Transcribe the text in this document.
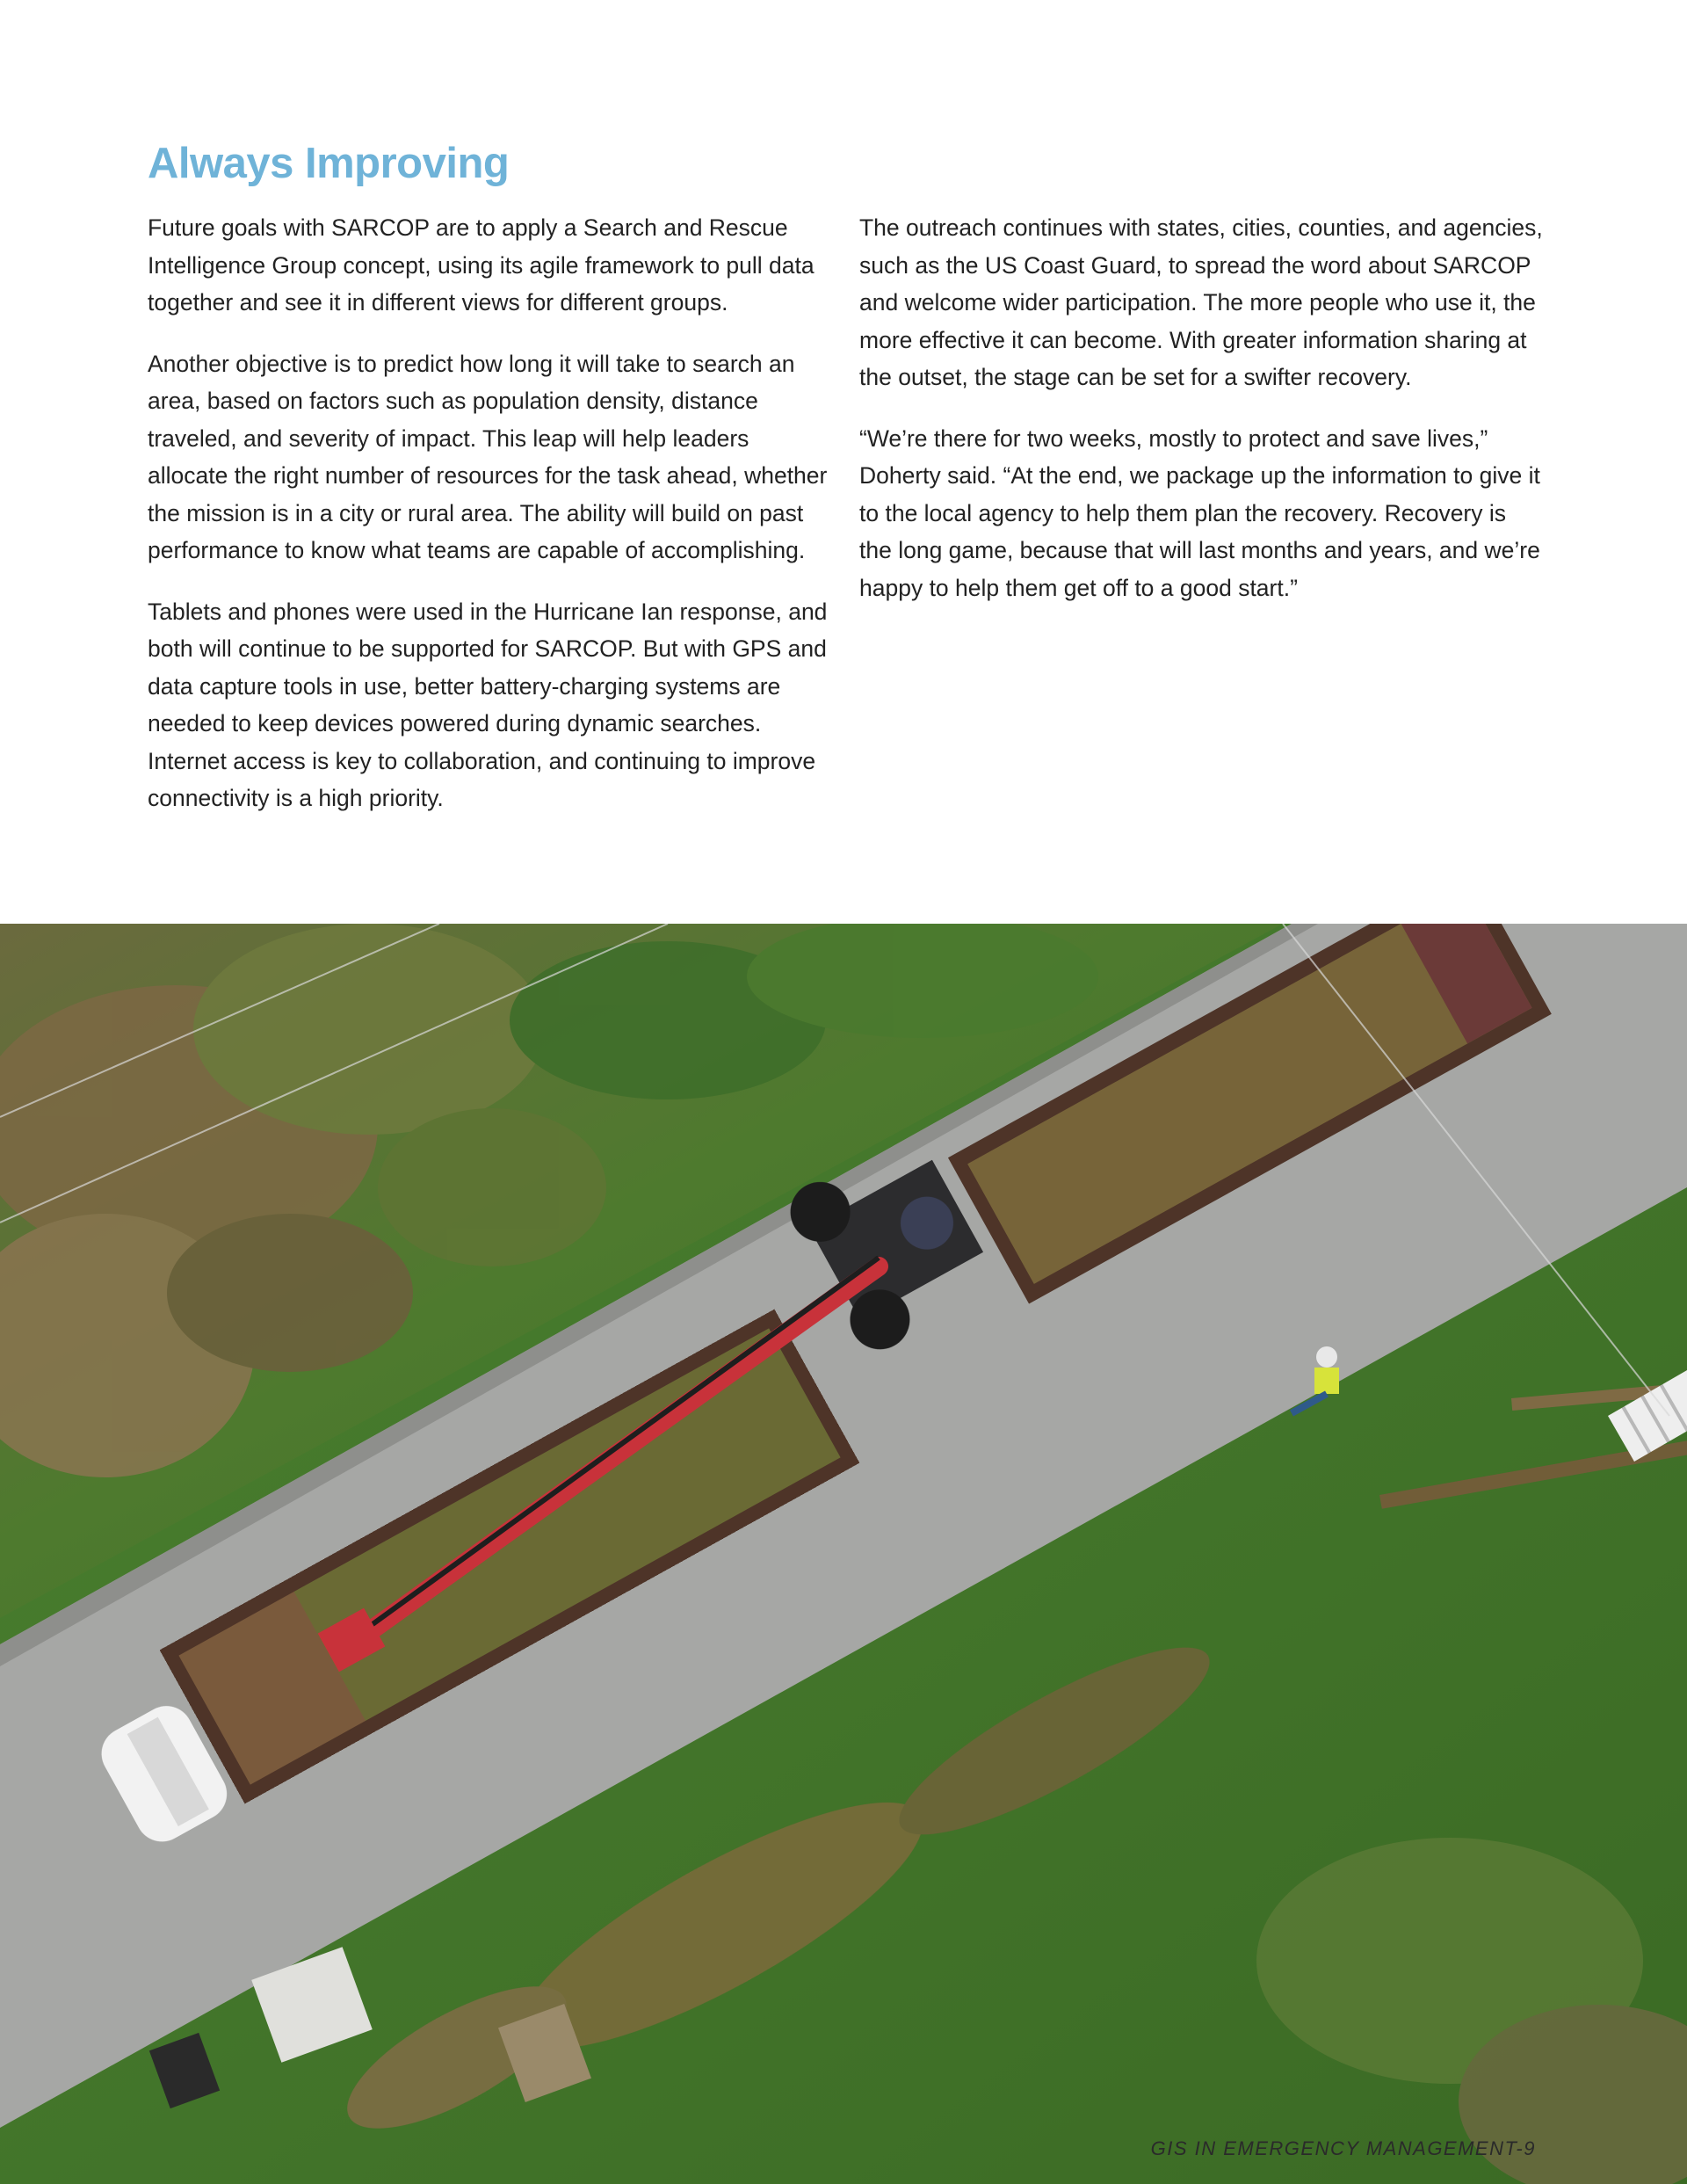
Always Improving

Future goals with SARCOP are to apply a Search and Rescue Intelligence Group concept, using its agile framework to pull data together and see it in different views for different groups.

Another objective is to predict how long it will take to search an area, based on factors such as population density, distance traveled, and severity of impact. This leap will help leaders allocate the right number of resources for the task ahead, whether the mission is in a city or rural area. The ability will build on past performance to know what teams are capable of accomplishing.

Tablets and phones were used in the Hurricane Ian response, and both will continue to be supported for SARCOP. But with GPS and data capture tools in use, better battery-charging systems are needed to keep devices powered during dynamic searches. Internet access is key to collaboration, and continuing to improve connectivity is a high priority.

The outreach continues with states, cities, counties, and agencies, such as the US Coast Guard, to spread the word about SARCOP and welcome wider participation. The more people who use it, the more effective it can become. With greater information sharing at the outset, the stage can be set for a swifter recovery.

“We’re there for two weeks, mostly to protect and save lives,” Doherty said. “At the end, we package up the information to give it to the local agency to help them plan the recovery. Recovery is the long game, because that will last months and years, and we’re happy to help them get off to a good start.”

GIS IN EMERGENCY MANAGEMENT-9
